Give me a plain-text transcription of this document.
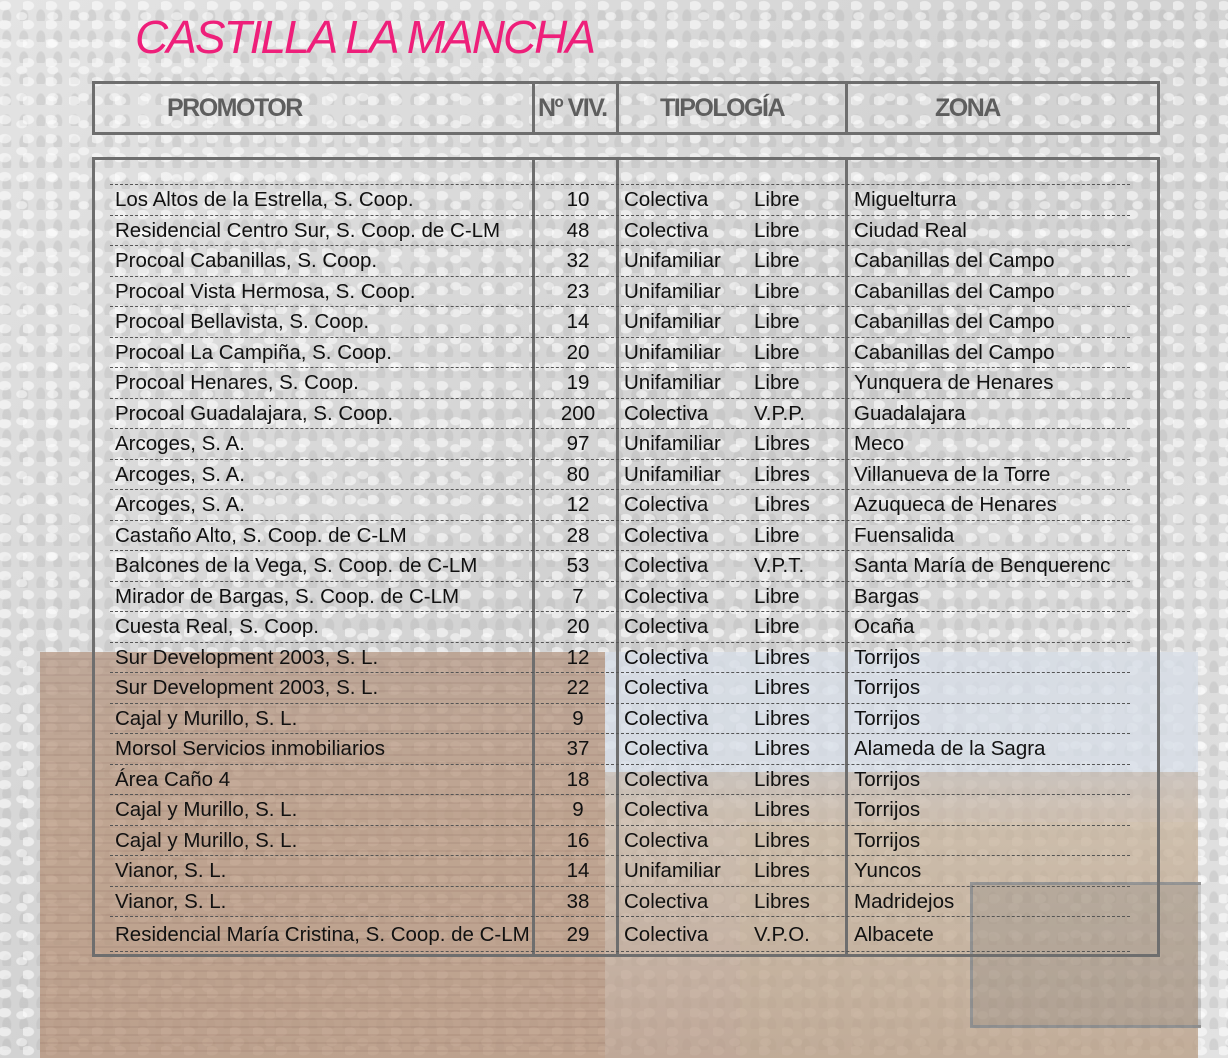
CASTILLA LA MANCHA
PROMOTOR	Nº VIV. TIPOLOGÍA	ZONA
Los Altos de la Estrella, S. Coop.	10	Colectiva	Libre	Miguelturra
Residencial Centro Sur, S. Coop. de C-LM	48	Colectiva	Libre	Ciudad Real
Procoal Cabanillas, S. Coop.	32	Unifamiliar	Libre	Cabanillas del Campo
Procoal Vista Hermosa, S. Coop.	23	Unifamiliar	Libre	Cabanillas del Campo
Procoal Bellavista, S. Coop.	14	Unifamiliar	Libre	Cabanillas del Campo
Procoal La Campiña, S. Coop.	20	Unifamiliar	Libre	Cabanillas del Campo
Procoal Henares, S. Coop.	19	Unifamiliar	Libre	Yunquera de Henares
Procoal Guadalajara, S. Coop.	200	Colectiva	V.P.P.	Guadalajara
Arcoges, S. A.	97	Unifamiliar	Libres	Meco
Arcoges, S. A.	80	Unifamiliar	Libres	Villanueva de la Torre
Arcoges, S. A.	12	Colectiva	Libres	Azuqueca de Henares
Castaño Alto, S. Coop. de C-LM	28	Colectiva	Libre	Fuensalida
Balcones de la Vega, S. Coop. de C-LM	53	Colectiva	V.P.T.	Santa María de Benquerenc
Mirador de Bargas, S. Coop. de C-LM	7	Colectiva	Libre	Bargas
Cuesta Real, S. Coop.	20	Colectiva	Libre	Ocaña
Sur Development 2003, S. L.	12	Colectiva	Libres	Torrijos
Sur Development 2003, S. L.	22	Colectiva	Libres	Torrijos
Cajal y Murillo, S. L.	9	Colectiva	Libres	Torrijos
Morsol Servicios inmobiliarios	37	Colectiva	Libres	Alameda de la Sagra
Área Caño 4	18	Colectiva	Libres	Torrijos
Cajal y Murillo, S. L.	9	Colectiva	Libres	Torrijos
Cajal y Murillo, S. L.	16	Colectiva	Libres	Torrijos
Vianor, S. L.	14	Unifamiliar	Libres	Yuncos
Vianor, S. L.	38	Colectiva	Libres	Madridejos
Residencial María Cristina, S. Coop. de C-LM	29	Colectiva	V.P.O.	Albacete
